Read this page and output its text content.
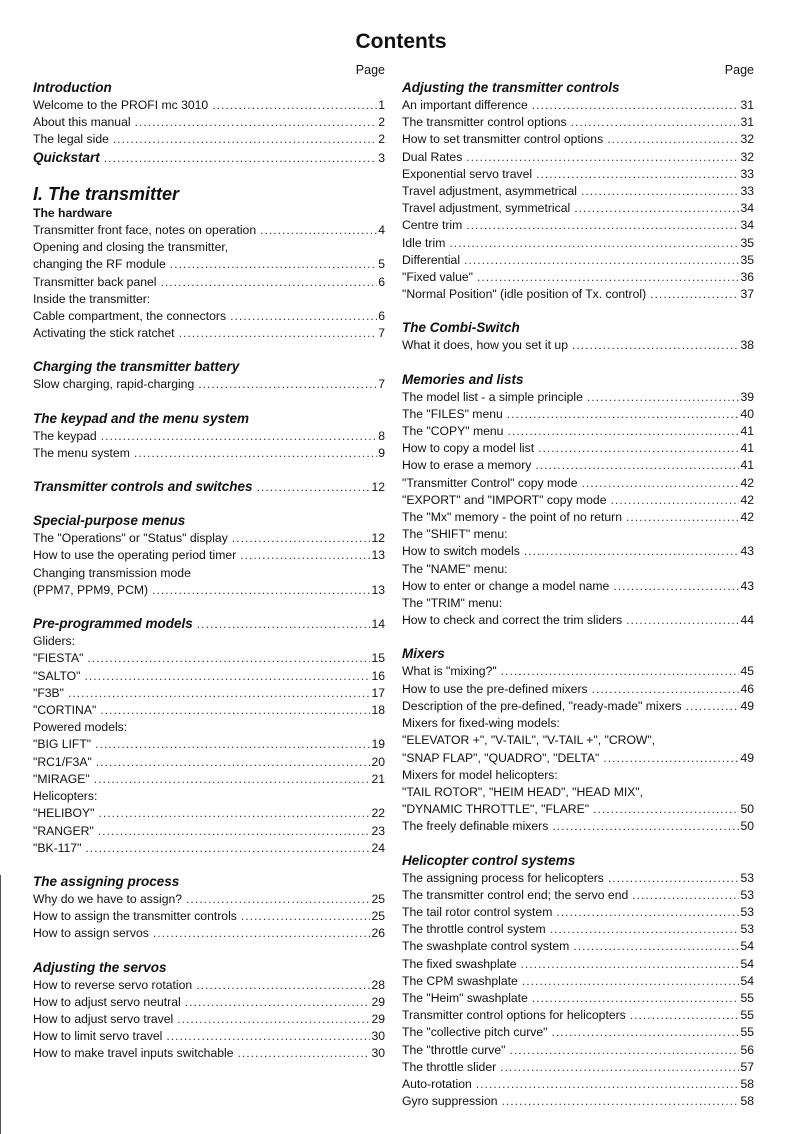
Contents
Page
Introduction
Welcome to the PROFI mc 3010 .....	1
About this manual .....	2
The legal side .....	2
Quickstart .....	3
I. The transmitter
The hardware
Transmitter front face, notes on operation .....	4
Opening and closing the transmitter,
changing the RF module .....	5
Transmitter back panel .....	6
Inside the transmitter:
Cable compartment, the connectors .....	6
Activating the stick ratchet .....	7
Charging the transmitter battery
Slow charging, rapid-charging .....	7
The keypad and the menu system
The keypad .....	8
The menu system .....	9
Transmitter controls and switches .....	12
Special-purpose menus
The "Operations" or "Status" display .....	12
How to use the operating period timer .....	13
Changing transmission mode
(PPM7, PPM9, PCM) .....	13
Pre-programmed models .....	14
Gliders:
"FIESTA" .....	15
"SALTO" .....	16
"F3B" .....	17
"CORTINA" .....	18
Powered models:
"BIG LIFT" .....	19
"RC1/F3A" .....	20
"MIRAGE" .....	21
Helicopters:
"HELIBOY" .....	22
"RANGER" .....	23
"BK-117" .....	24
The assigning process
Why do we have to assign? .....	25
How to assign the transmitter controls .....	25
How to assign servos .....	26
Adjusting the servos
How to reverse servo rotation .....	28
How to adjust servo neutral .....	29
How to adjust servo travel .....	29
How to limit servo travel .....	30
How to make travel inputs switchable .....	30
Page
Adjusting the transmitter controls
An important difference .....	31
The transmitter control options .....	31
How to set transmitter control options .....	32
Dual Rates .....	32
Exponential servo travel .....	33
Travel adjustment, asymmetrical .....	33
Travel adjustment, symmetrical .....	34
Centre trim .....	34
Idle trim .....	35
Differential .....	35
"Fixed value" .....	36
"Normal Position" (idle position of Tx. control) .....	37
The Combi-Switch
What it does, how you set it up .....	38
Memories and lists
The model list - a simple principle .....	39
The "FILES" menu .....	40
The "COPY" menu .....	41
How to copy a model list .....	41
How to erase a memory .....	41
"Transmitter Control" copy mode .....	42
"EXPORT" and "IMPORT" copy mode .....	42
The "Mx" memory - the point of no return .....	42
The "SHIFT" menu:
How to switch models .....	43
The "NAME" menu:
How to enter or change a model name .....	43
The "TRIM" menu:
How to check and correct the trim sliders .....	44
Mixers
What is "mixing?" .....	45
How to use the pre-defined mixers .....	46
Description of the pre-defined, "ready-made" mixers .....	49
Mixers for fixed-wing models:
"ELEVATOR +", "V-TAIL", "V-TAIL +", "CROW",
"SNAP FLAP", "QUADRO", "DELTA" .....	49
Mixers for model helicopters:
"TAIL ROTOR", "HEIM HEAD", "HEAD MIX",
"DYNAMIC THROTTLE", "FLARE" .....	50
The freely definable mixers .....	50
Helicopter control systems
The assigning process for helicopters .....	53
The transmitter control end; the servo end .....	53
The tail rotor control system .....	53
The throttle control system .....	53
The swashplate control system .....	54
The fixed swashplate .....	54
The CPM swashplate .....	54
The "Heim" swashplate .....	55
Transmitter control options for helicopters .....	55
The "collective pitch curve" .....	55
The "throttle curve" .....	56
The throttle slider .....	57
Auto-rotation .....	58
Gyro suppression .....	58
